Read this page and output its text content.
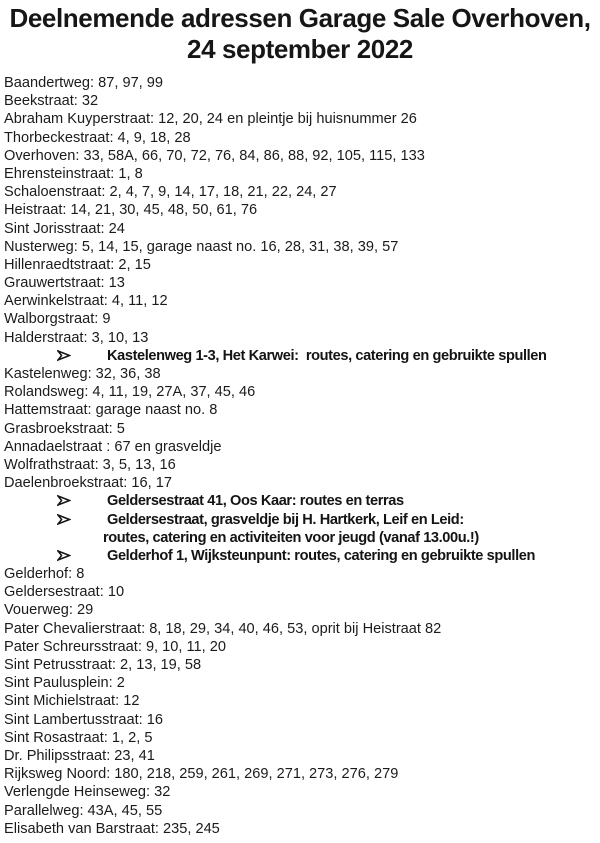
Deelnemende adressen Garage Sale Overhoven,
24 september 2022
Baandertweg: 87, 97, 99
Beekstraat: 32
Abraham Kuyperstraat: 12, 20, 24 en pleintje bij huisnummer 26
Thorbeckestraat: 4, 9, 18, 28
Overhoven: 33, 58A, 66, 70, 72, 76, 84, 86, 88, 92, 105, 115, 133
Ehrensteinstraat: 1, 8
Schaloenstraat: 2, 4, 7, 9, 14, 17, 18, 21, 22, 24, 27
Heistraat: 14, 21, 30, 45, 48, 50, 61, 76
Sint Jorisstraat: 24
Nusterweg: 5, 14, 15, garage naast no. 16, 28, 31, 38, 39, 57
Hillenraedtstraat: 2, 15
Grauwertstraat: 13
Aerwinkelstraat: 4, 11, 12
Walborgstraat: 9
Halderstraat: 3, 10, 13
Kastelenweg 1-3, Het Karwei:  routes, catering en gebruikte spullen
Kastelenweg: 32, 36, 38
Rolandsweg: 4, 11, 19, 27A, 37, 45, 46
Hattemstraat: garage naast no. 8
Grasbroekstraat: 5
Annadaelstraat : 67 en grasveldje
Wolfrathstraat: 3, 5, 13, 16
Daelenbroekstraat: 16, 17
Geldersestraat 41, Oos Kaar: routes en terras
Geldersestraat, grasveldje bij H. Hartkerk, Leif en Leid:
routes, catering en activiteiten voor jeugd (vanaf 13.00u.!)
Gelderhof 1, Wijksteunpunt: routes, catering en gebruikte spullen
Gelderhof: 8
Geldersestraat: 10
Vouerweg: 29
Pater Chevalierstraat: 8, 18, 29, 34, 40, 46, 53, oprit bij Heistraat 82
Pater Schreursstraat: 9, 10, 11, 20
Sint Petrusstraat: 2, 13, 19, 58
Sint Paulusplein: 2
Sint Michielstraat: 12
Sint Lambertusstraat: 16
Sint Rosastraat: 1, 2, 5
Dr. Philipsstraat: 23, 41
Rijksweg Noord: 180, 218, 259, 261, 269, 271, 273, 276, 279
Verlengde Heinseweg: 32
Parallelweg: 43A, 45, 55
Elisabeth van Barstraat: 235, 245
